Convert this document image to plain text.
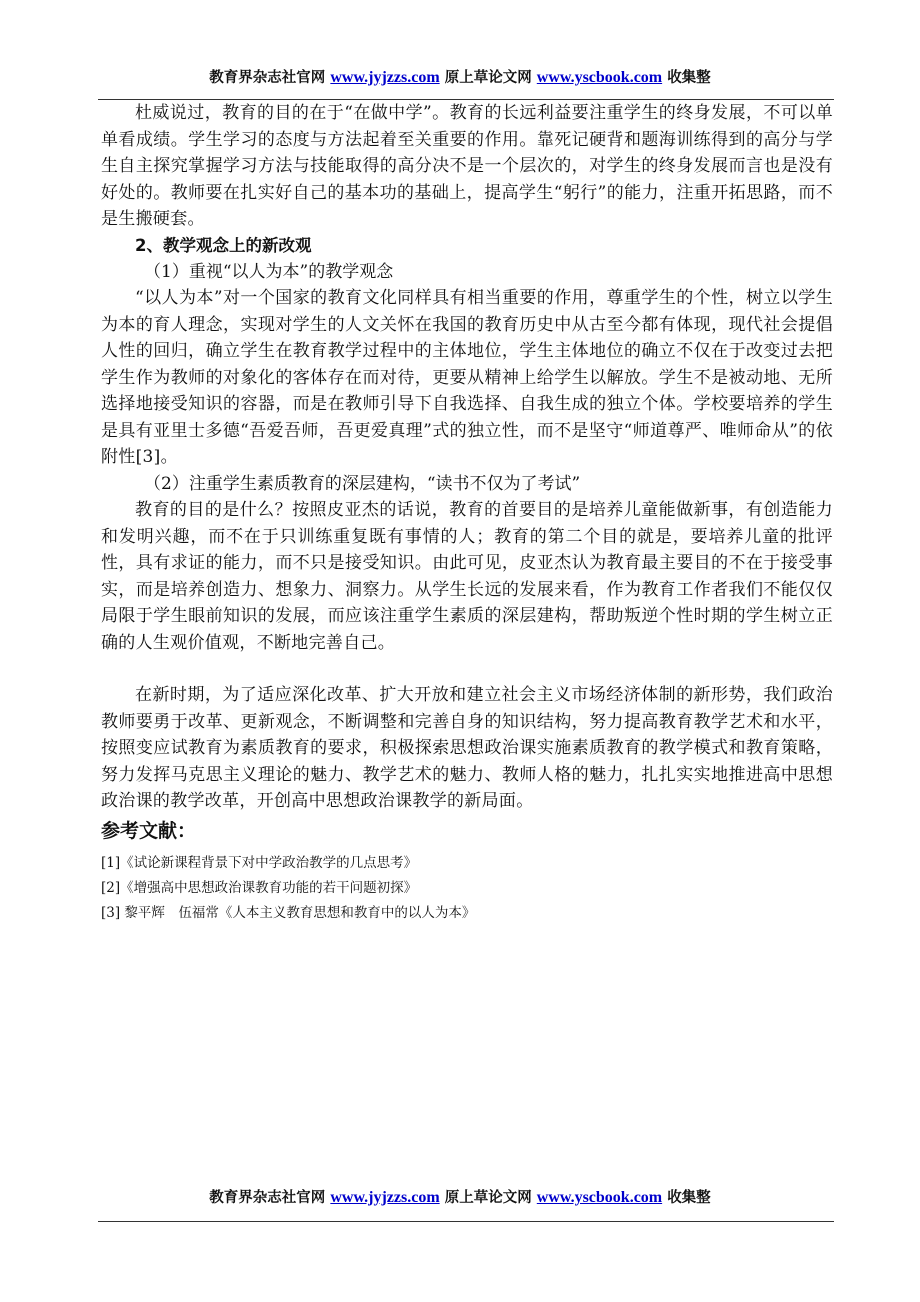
教育界杂志社官网 www.jyjzzs.com 原上草论文网 www.yscbook.com 收集整

杜威说过，教育的目的在于“在做中学”。教育的长远利益要注重学生的终身发展，不可以单单看成绩。学生学习的态度与方法起着至关重要的作用。靠死记硬背和题海训练得到的高分与学生自主探究掌握学习方法与技能取得的高分决不是一个层次的，对学生的终身发展而言也是没有好处的。教师要在扎实好自己的基本功的基础上，提高学生“躬行”的能力，注重开拓思路，而不是生搬硬套。

2、教学观念上的新改观

（1）重视“以人为本”的教学观念

“以人为本”对一个国家的教育文化同样具有相当重要的作用，尊重学生的个性，树立以学生为本的育人理念，实现对学生的人文关怀在我国的教育历史中从古至今都有体现，现代社会提倡人性的回归，确立学生在教育教学过程中的主体地位，学生主体地位的确立不仅在于改变过去把学生作为教师的对象化的客体存在而对待，更要从精神上给学生以解放。学生不是被动地、无所选择地接受知识的容器，而是在教师引导下自我选择、自我生成的独立个体。学校要培养的学生是具有亚里士多德“吾爱吾师，吾更爱真理”式的独立性，而不是坚守“师道尊严、唯师命从”的依附性[3]。

（2）注重学生素质教育的深层建构，“读书不仅为了考试”

教育的目的是什么？按照皮亚杰的话说，教育的首要目的是培养儿童能做新事，有创造能力和发明兴趣，而不在于只训练重复既有事情的人；教育的第二个目的就是，要培养儿童的批评性，具有求证的能力，而不只是接受知识。由此可见，皮亚杰认为教育最主要目的不在于接受事实，而是培养创造力、想象力、洞察力。从学生长远的发展来看，作为教育工作者我们不能仅仅局限于学生眼前知识的发展，而应该注重学生素质的深层建构，帮助叛逆个性时期的学生树立正确的人生观价值观，不断地完善自己。

在新时期，为了适应深化改革、扩大开放和建立社会主义市场经济体制的新形势，我们政治教师要勇于改革、更新观念，不断调整和完善自身的知识结构，努力提高教育教学艺术和水平，按照变应试教育为素质教育的要求，积极探索思想政治课实施素质教育的教学模式和教育策略，努力发挥马克思主义理论的魅力、教学艺术的魅力、教师人格的魅力，扎扎实实地推进高中思想政治课的教学改革，开创高中思想政治课教学的新局面。

参考文献：

[1]《试论新课程背景下对中学政治教学的几点思考》

[2]《增强高中思想政治课教育功能的若干问题初探》

[3] 黎平辉　伍福常《人本主义教育思想和教育中的以人为本》

教育界杂志社官网 www.jyjzzs.com 原上草论文网 www.yscbook.com 收集整
